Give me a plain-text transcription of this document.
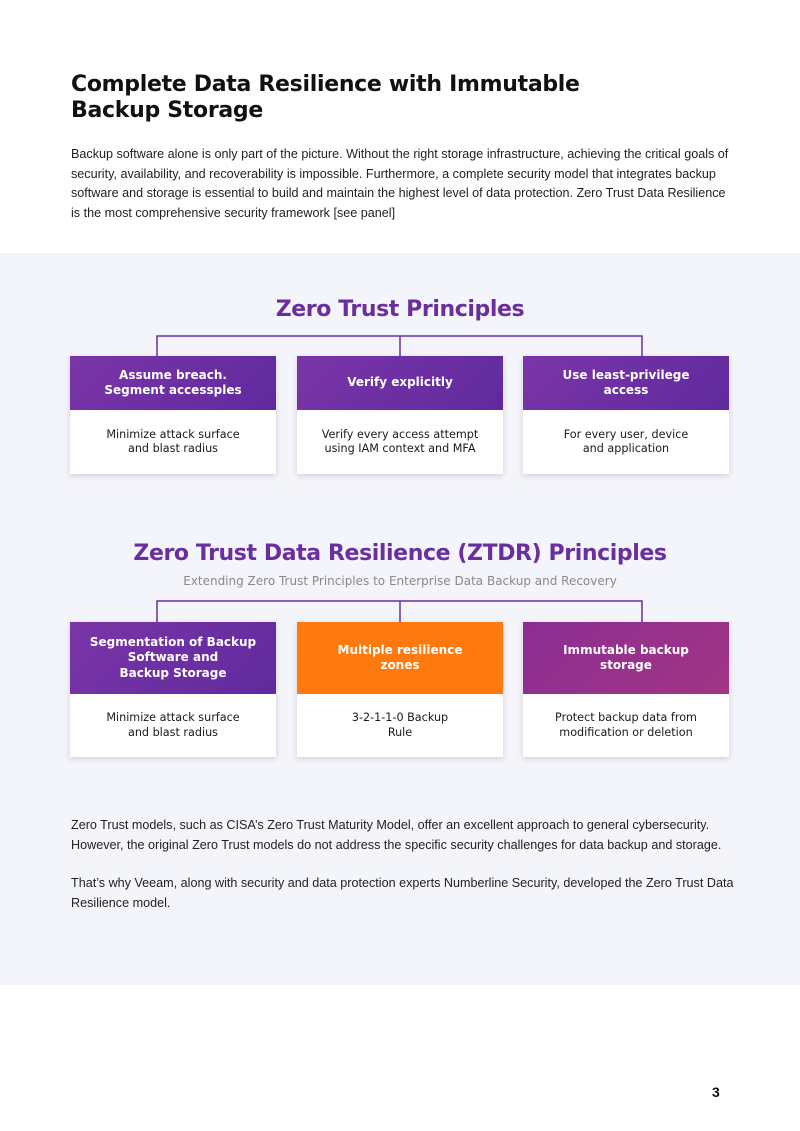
Complete Data Resilience with Immutable
Backup Storage

Backup software alone is only part of the picture. Without the right storage infrastructure, achieving the critical goals of security, availability, and recoverability is impossible. Furthermore, a complete security model that integrates backup software and storage is essential to build and maintain the highest level of data protection. Zero Trust Data Resilience is the most comprehensive security framework [see panel]

Zero Trust Principles
Assume breach.
Segment accessples
Minimize attack surface
and blast radius
Verify explicitly
Verify every access attempt
using IAM context and MFA
Use least-privilege
access
For every user, device
and application
Zero Trust Data Resilience (ZTDR) Principles

Extending Zero Trust Principles to Enterprise Data Backup and Recovery

Segmentation of Backup
Software and
Backup Storage
Minimize attack surface
and blast radius
Multiple resilience
zones
3-2-1-1-0 Backup
Rule
Immutable backup
storage
Protect backup data from
modification or deletion

Zero Trust models, such as CISA’s Zero Trust Maturity Model, offer an excellent approach to general cybersecurity. However, the original Zero Trust models do not address the specific security challenges for data backup and storage.

That’s why Veeam, along with security and data protection experts Numberline Security, developed the Zero Trust Data Resilience model.

3
